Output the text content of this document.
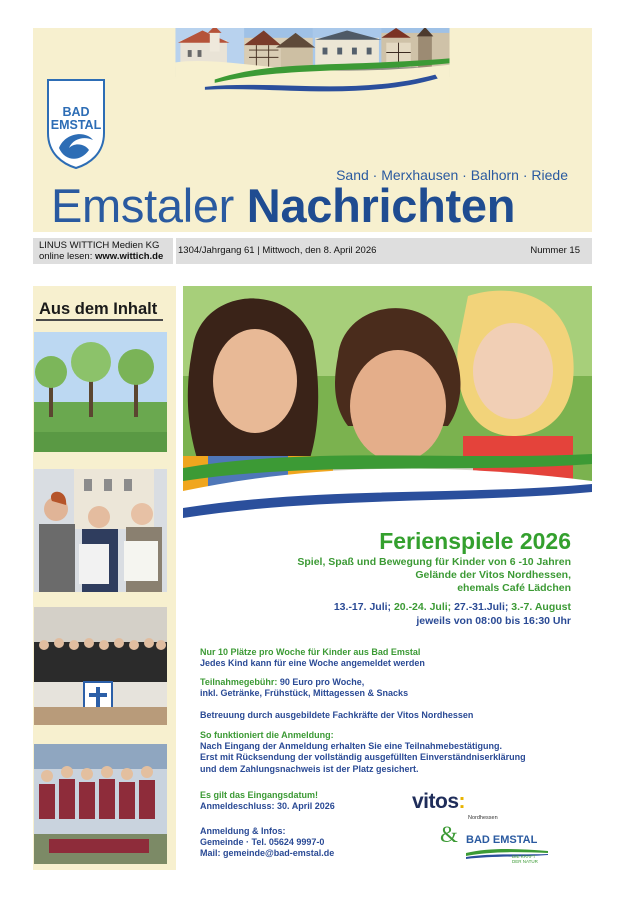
BAD
EMSTAL
Sand · Merxhausen · Balhorn · Riede
Emstaler Nachrichten
LINUS WITTICH Medien KG
online lesen: www.wittich.de
1304/Jahrgang 61 | Mittwoch, den 8. April 2026	Nummer 15
Aus dem Inhalt
Ferienspiele 2026
Spiel, Spaß und Bewegung für Kinder von 6 -10 Jahren
Gelände der Vitos Nordhessen,
ehemals Café Lädchen
13.-17. Juli; 20.-24. Juli; 27.-31.Juli; 3.-7. August
jeweils von 08:00 bis 16:30 Uhr
Nur 10 Plätze pro Woche für Kinder aus Bad Emstal
Jedes Kind kann für eine Woche angemeldet werden
Teilnahmegebühr: 90 Euro pro Woche,
inkl. Getränke, Frühstück, Mittagessen & Snacks
Betreuung durch ausgebildete Fachkräfte der Vitos Nordhessen
So funktioniert die Anmeldung:
Nach Eingang der Anmeldung erhalten Sie eine Teilnahmebestätigung.
Erst mit Rücksendung der vollständig ausgefüllten Einverständniserklärung
und dem Zahlungsnachweis ist der Platz gesichert.
Es gilt das Eingangsdatum!
Anmeldeschluss: 30. April 2026
Anmeldung & Infos:
Gemeinde · Tel. 05624 9997-0
Mail: gemeinde@bad-emstal.de
vitos:
Nordhessen
& BAD EMSTAL
DIE KRAFT DER NATUR
